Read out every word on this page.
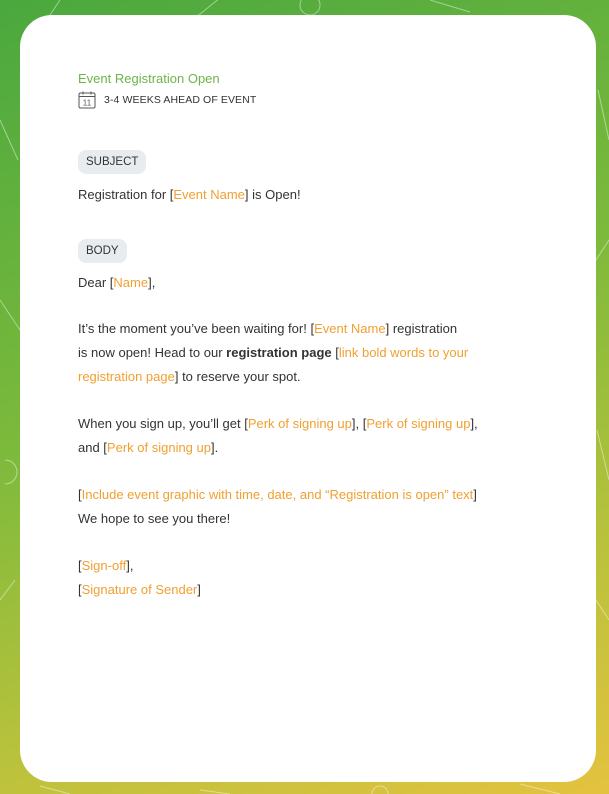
Event Registration Open
11 3-4 WEEKS AHEAD OF EVENT
SUBJECT
Registration for [Event Name] is Open!
BODY
Dear [Name],
It’s the moment you’ve been waiting for! [Event Name] registration
is now open! Head to our registration page [link bold words to your
registration page] to reserve your spot.
When you sign up, you’ll get [Perk of signing up], [Perk of signing up],
and [Perk of signing up].
[Include event graphic with time, date, and “Registration is open” text]
We hope to see you there!
[Sign-off],
[Signature of Sender]
